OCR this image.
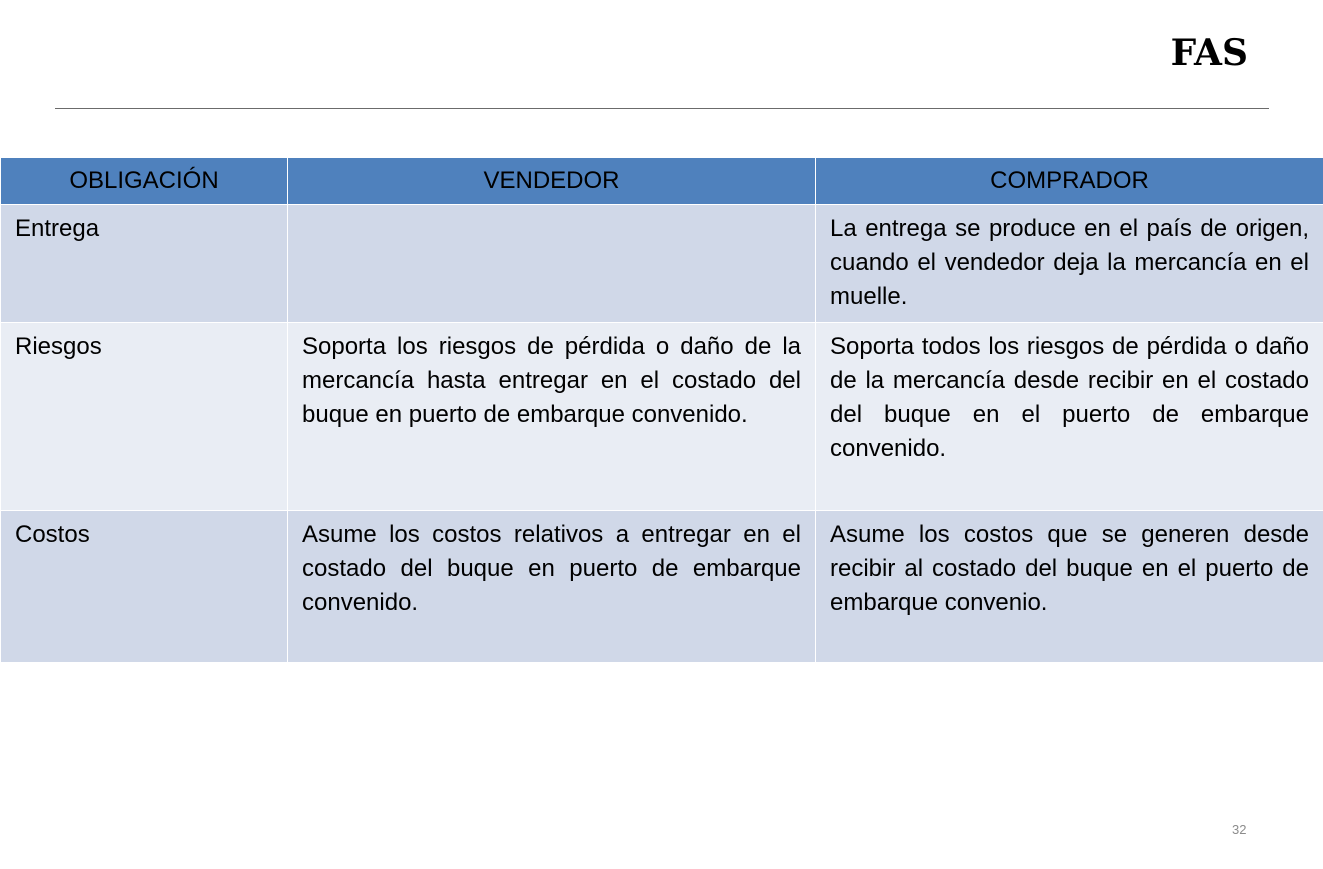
FAS
OBLIGACIÓN	VENDEDOR	COMPRADOR
Entrega		La entrega se produce en el país de origen, cuando el vendedor deja la mercancía en el muelle.
Riesgos	Soporta los riesgos de pérdida o daño de la mercancía hasta entregar en el costado del buque en puerto de embarque convenido.	Soporta todos los riesgos de pérdida o daño de la mercancía desde recibir en el costado del buque en el puerto de embarque convenido.
Costos	Asume los costos relativos a entregar en el costado del buque en puerto de embarque convenido.	Asume los costos que se generen desde recibir al costado del buque en el puerto de embarque convenio.
32
